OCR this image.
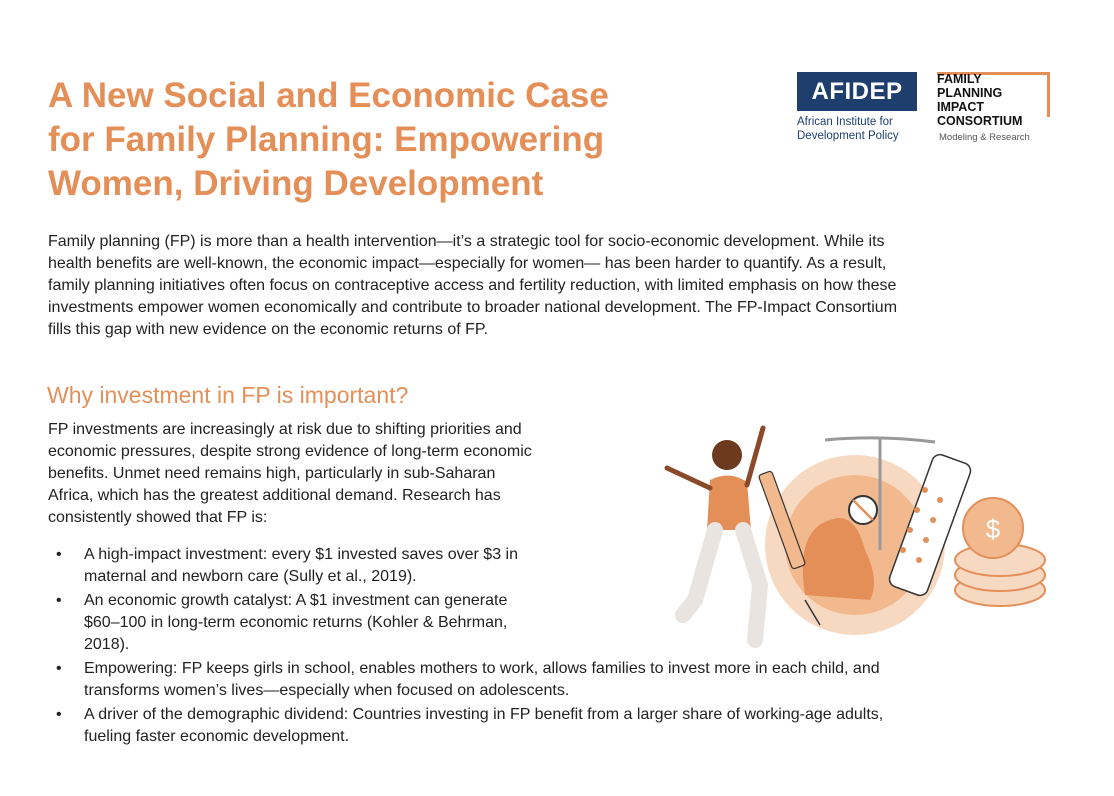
A New Social and Economic Case
for Family Planning: Empowering
Women, Driving Development
AFIDEP
African Institute for
Development Policy
FAMILY
PLANNING
IMPACT
CONSORTIUM
Modeling & Research

Family planning (FP) is more than a health intervention—it’s a strategic tool for socio-economic development. While its
health benefits are well-known, the economic impact—especially for women— has been harder to quantify. As a result,
family planning initiatives often focus on contraceptive access and fertility reduction, with limited emphasis on how these
investments empower women economically and contribute to broader national development. The FP-Impact Consortium
fills this gap with new evidence on the economic returns of FP.

Why investment in FP is important?

FP investments are increasingly at risk due to shifting priorities and
economic pressures, despite strong evidence of long-term economic
benefits. Unmet need remains high, particularly in sub-Saharan
Africa, which has the greatest additional demand. Research has
consistently showed that FP is:

• A high-impact investment: every $1 invested saves over $3 in
maternal and newborn care (Sully et al., 2019).
• An economic growth catalyst: A $1 investment can generate
$60–100 in long-term economic returns (Kohler & Behrman,
2018).
• Empowering: FP keeps girls in school, enables mothers to work, allows families to invest more in each child, and
transforms women’s lives—especially when focused on adolescents.
• A driver of the demographic dividend: Countries investing in FP benefit from a larger share of working-age adults,
fueling faster economic development.
$
